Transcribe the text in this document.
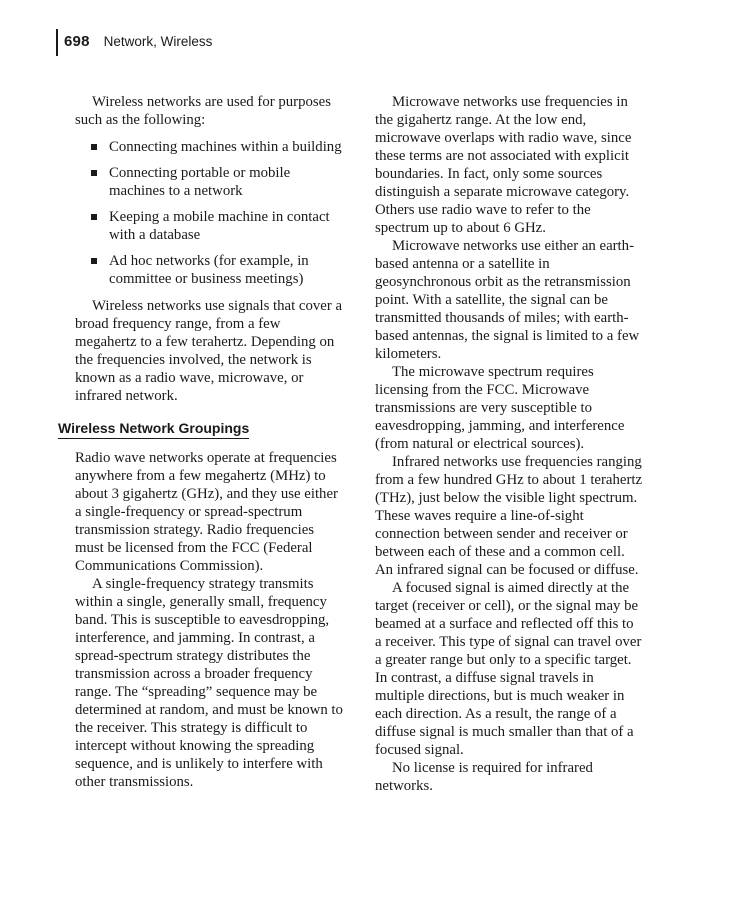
698 Network, Wireless

Wireless networks are used for purposes such as the following:

Connecting machines within a building
Connecting portable or mobile machines to a network
Keeping a mobile machine in contact with a database
Ad hoc networks (for example, in committee or business meetings)

Wireless networks use signals that cover a broad frequency range, from a few megahertz to a few terahertz. Depending on the frequencies involved, the network is known as a radio wave, microwave, or infrared network.

Wireless Network Groupings

Radio wave networks operate at frequencies anywhere from a few megahertz (MHz) to about 3 gigahertz (GHz), and they use either a single-frequency or spread-spectrum transmission strategy. Radio frequencies must be licensed from the FCC (Federal Communications Commission).

A single-frequency strategy transmits within a single, generally small, frequency band. This is susceptible to eavesdropping, interference, and jamming. In contrast, a spread-spectrum strategy distributes the transmission across a broader frequency range. The “spreading” sequence may be determined at random, and must be known to the receiver. This strategy is difficult to intercept without knowing the spreading sequence, and is unlikely to interfere with other transmissions.

Microwave networks use frequencies in the gigahertz range. At the low end, microwave overlaps with radio wave, since these terms are not associated with explicit boundaries. In fact, only some sources distinguish a separate microwave category. Others use radio wave to refer to the spectrum up to about 6 GHz.

Microwave networks use either an earth-based antenna or a satellite in geosynchronous orbit as the retransmission point. With a satellite, the signal can be transmitted thousands of miles; with earth-based antennas, the signal is limited to a few kilometers.

The microwave spectrum requires licensing from the FCC. Microwave transmissions are very susceptible to eavesdropping, jamming, and interference (from natural or electrical sources).

Infrared networks use frequencies ranging from a few hundred GHz to about 1 terahertz (THz), just below the visible light spectrum. These waves require a line-of-sight connection between sender and receiver or between each of these and a common cell. An infrared signal can be focused or diffuse.

A focused signal is aimed directly at the target (receiver or cell), or the signal may be beamed at a surface and reflected off this to a receiver. This type of signal can travel over a greater range but only to a specific target. In contrast, a diffuse signal travels in multiple directions, but is much weaker in each direction. As a result, the range of a diffuse signal is much smaller than that of a focused signal.

No license is required for infrared networks.
